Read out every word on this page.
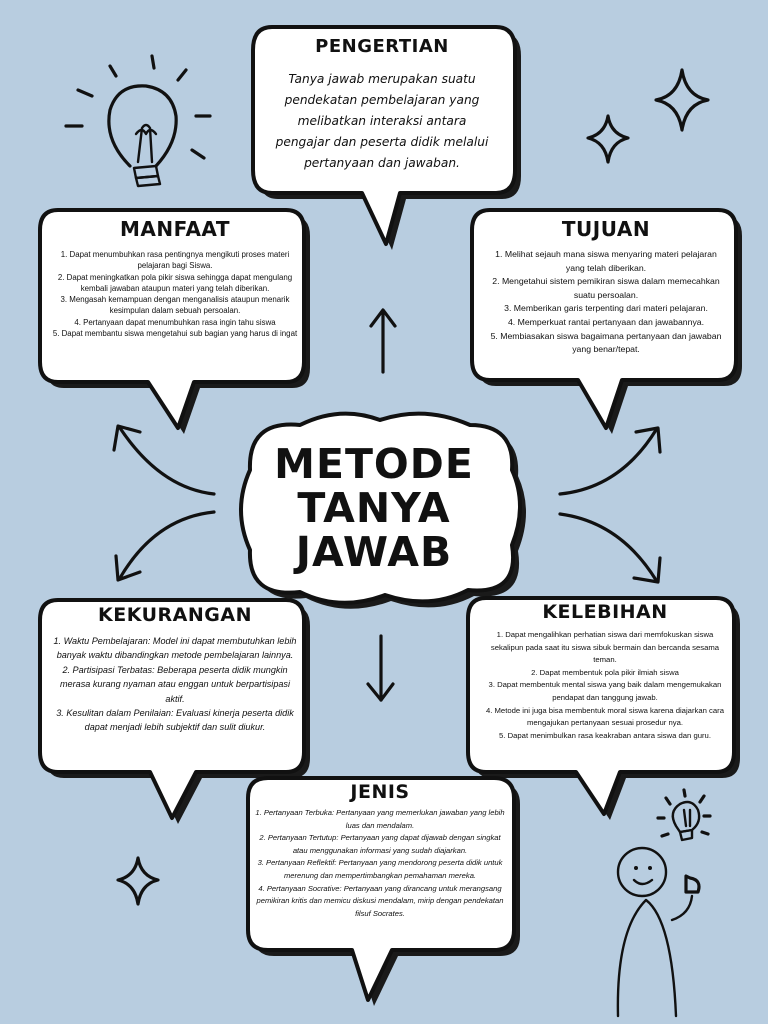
PENGERTIAN
Tanya jawab merupakan suatu pendekatan pembelajaran yang melibatkan interaksi antara pengajar dan peserta didik melalui pertanyaan dan jawaban.
MANFAAT
1. Dapat menumbuhkan rasa pentingnya mengikuti proses materi pelajaran bagi Siswa.
2. Dapat meningkatkan pola pikir siswa sehingga dapat mengulang kembali jawaban ataupun materi yang telah diberikan.
3. Mengasah kemampuan dengan menganalisis ataupun menarik kesimpulan dalam sebuah persoalan.
4. Pertanyaan dapat menumbuhkan rasa ingin tahu siswa
5. Dapat membantu siswa mengetahui sub bagian yang harus di ingat
TUJUAN
1. Melihat sejauh mana siswa menyaring materi pelajaran yang telah diberikan.
2. Mengetahui sistem pemikiran siswa dalam memecahkan suatu persoalan.
3. Memberikan garis terpenting dari materi pelajaran.
4. Memperkuat rantai pertanyaan dan jawabannya.
5. Membiasakan siswa bagaimana pertanyaan dan jawaban yang benar/tepat.
METODE
TANYA
JAWAB
KEKURANGAN
1. Waktu Pembelajaran: Model ini dapat membutuhkan lebih banyak waktu dibandingkan metode pembelajaran lainnya.
2. Partisipasi Terbatas: Beberapa peserta didik mungkin merasa kurang nyaman atau enggan untuk berpartisipasi aktif.
3. Kesulitan dalam Penilaian: Evaluasi kinerja peserta didik dapat menjadi lebih subjektif dan sulit diukur.
KELEBIHAN
1. Dapat mengalihkan perhatian siswa dari memfokuskan siswa sekalipun pada saat itu siswa sibuk bermain dan bercanda sesama teman.
2. Dapat membentuk pola pikir ilmiah siswa
3. Dapat membentuk mental siswa yang baik dalam mengemukakan pendapat dan tanggung jawab.
4. Metode ini juga bisa membentuk moral siswa karena diajarkan cara mengajukan pertanyaan sesuai prosedur nya.
5. Dapat menimbulkan rasa keakraban antara siswa dan guru.
JENIS
1. Pertanyaan Terbuka: Pertanyaan yang memerlukan jawaban yang lebih luas dan mendalam.
2. Pertanyaan Tertutup: Pertanyaan yang dapat dijawab dengan singkat atau menggunakan informasi yang sudah diajarkan.
3. Pertanyaan Reflektif: Pertanyaan yang mendorong peserta didik untuk merenung dan mempertimbangkan pemahaman mereka.
4. Pertanyaan Socrative: Pertanyaan yang dirancang untuk merangsang pemikiran kritis dan memicu diskusi mendalam, mirip dengan pendekatan filsuf Socrates.
